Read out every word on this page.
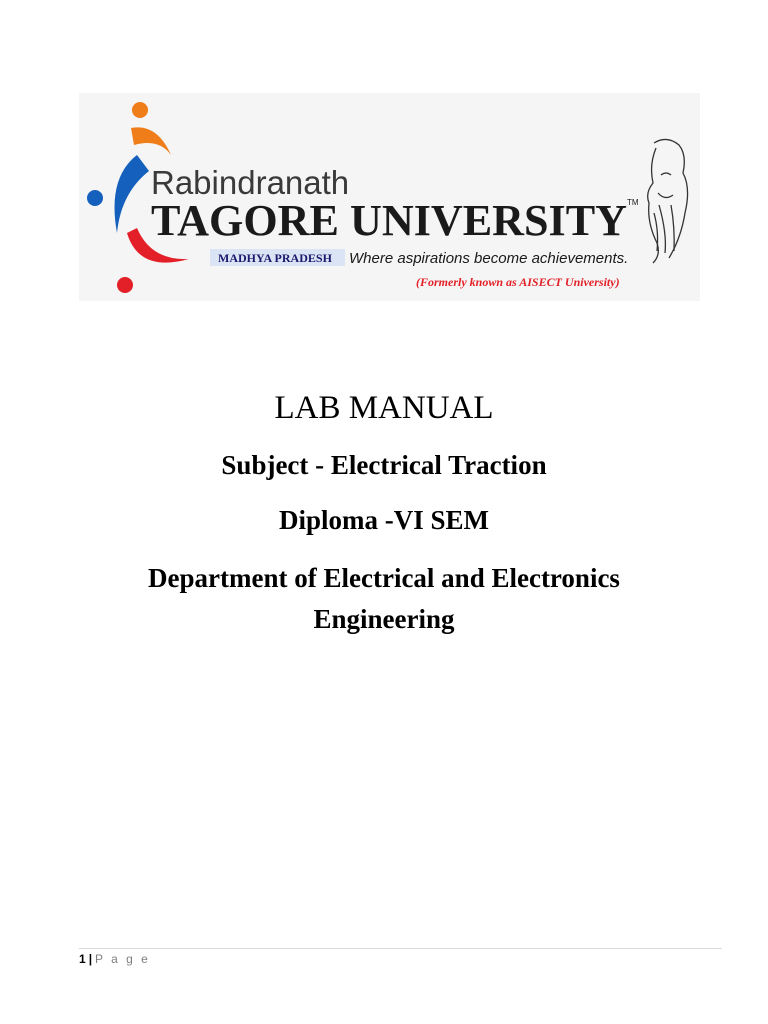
Rabindranath
TAGORE UNIVERSITY TM
MADHYA PRADESH Where aspirations become achievements.
(Formerly known as AISECT University)
LAB MANUAL

Subject - Electrical Traction

Diploma -VI SEM

Department of Electrical and Electronics Engineering

1 | P a g e
